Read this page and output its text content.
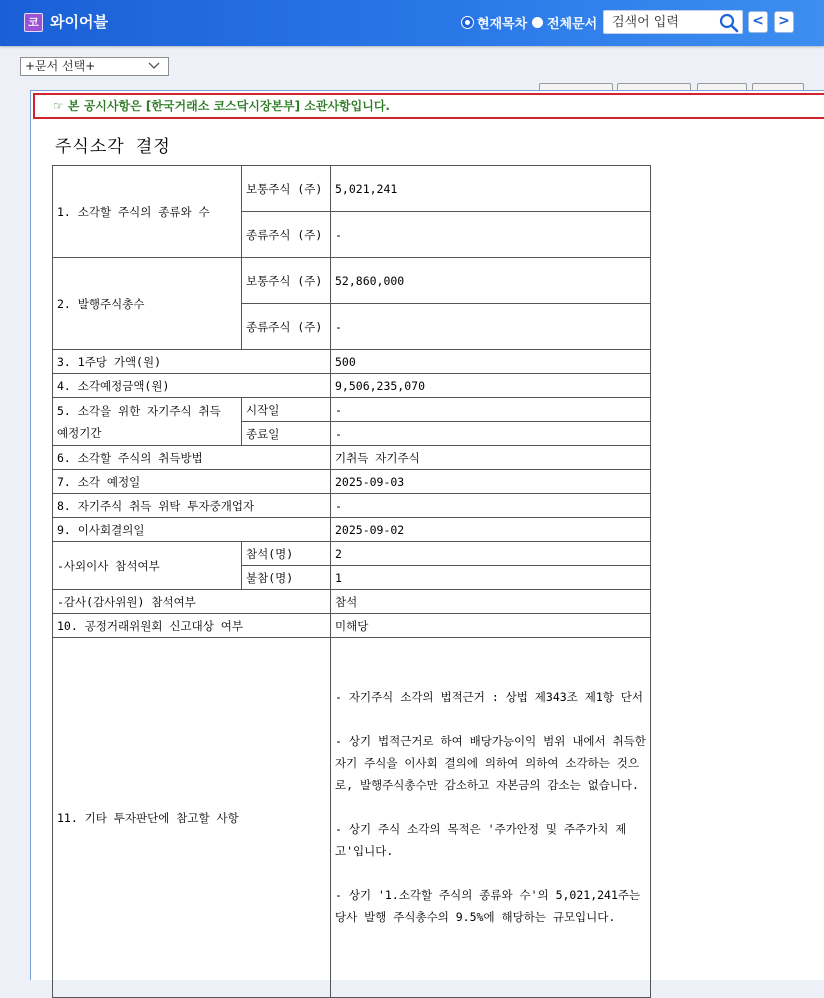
코 와이어블	현재목차 전체문서
검색어 입력	< >
+문서 선택+
☞ 본 공시사항은 [한국거래소 코스닥시장본부] 소관사항입니다.
주식소각 결정
1. 소각할 주식의 종류와 수	보통주식 (주)	5,021,241
	종류주식 (주)	-
2. 발행주식총수	보통주식 (주)	52,860,000
	종류주식 (주)	-
3. 1주당 가액(원)		500
4. 소각예정금액(원)		9,506,235,070
5. 소각을 위한 자기주식 취득 예정기간	시작일	-
	종료일	-
6. 소각할 주식의 취득방법		기취득 자기주식
7. 소각 예정일		2025-09-03
8. 자기주식 취득 위탁 투자중개업자		-
9. 이사회결의일		2025-09-02
-사외이사 참석여부	참석(명)	2
	불참(명)	1
-감사(감사위원) 참석여부		참석
10. 공정거래위원회 신고대상 여부		미해당
11. 기타 투자판단에 참고할 사항		- 자기주식 소각의 법적근거 : 상법 제343조 제1항 단서

- 상기 법적근거로 하여 배당가능이익 범위 내에서 취득한 자기 주식을 이사회 결의에 의하여 의하여 소각하는 것으로, 발행주식총수만 감소하고 자본금의 감소는 없습니다.

- 상기 주식 소각의 목적은 '주가안정 및 주주가치 제고'입니다.

- 상기 '1.소각할 주식의 종류와 수'의 5,021,241주는 당사 발행 주식총수의 9.5%에 해당하는 규모입니다.
